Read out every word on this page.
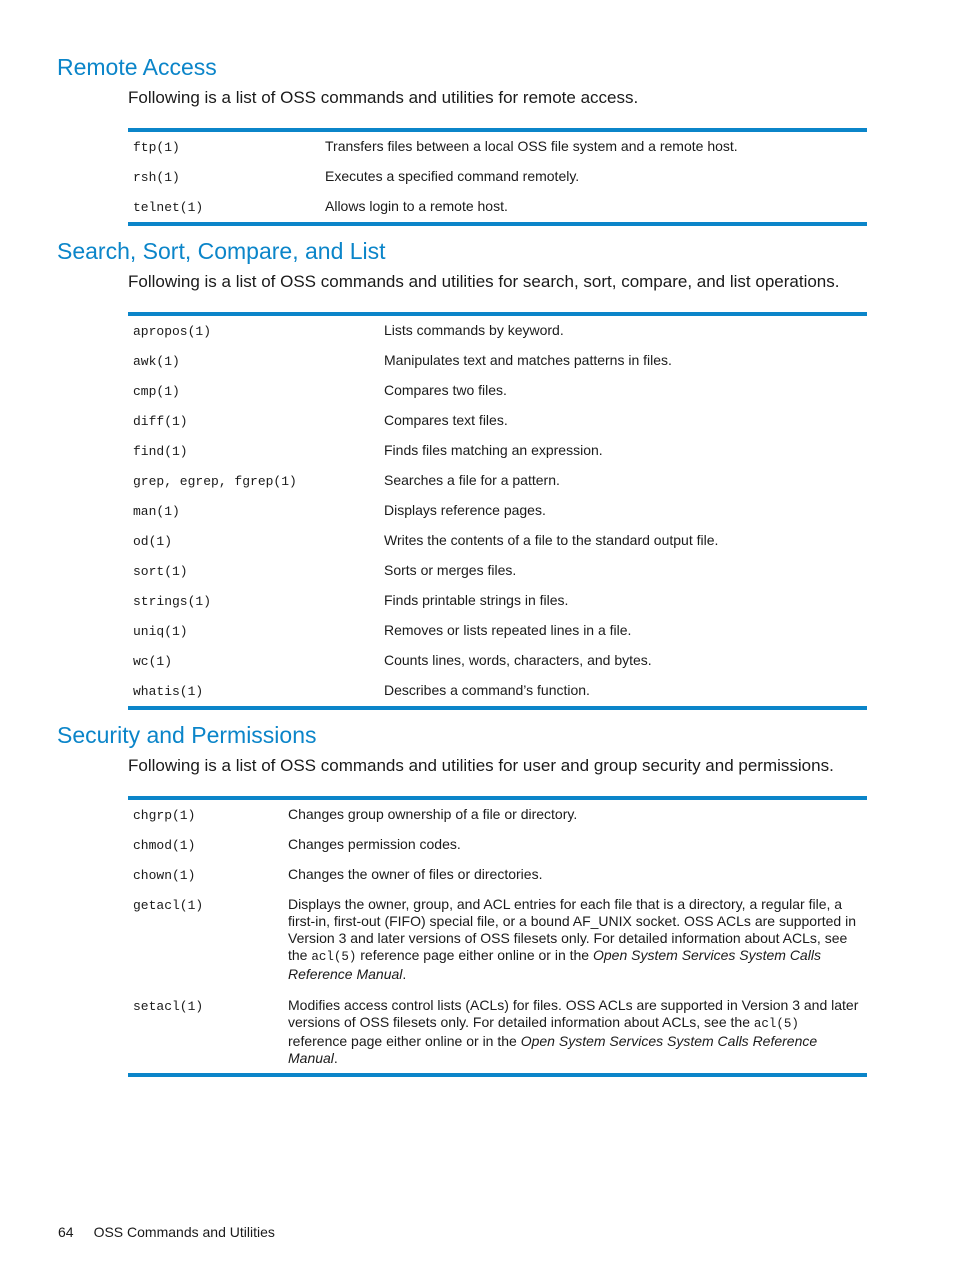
Remote Access

Following is a list of OSS commands and utilities for remote access.

ftp(1)	Transfers files between a local OSS file system and a remote host.
rsh(1)	Executes a specified command remotely.
telnet(1)	Allows login to a remote host.
Search, Sort, Compare, and List

Following is a list of OSS commands and utilities for search, sort, compare, and list operations.

apropos(1)	Lists commands by keyword.
awk(1)	Manipulates text and matches patterns in files.
cmp(1)	Compares two files.
diff(1)	Compares text files.
find(1)	Finds files matching an expression.
grep, egrep, fgrep(1)	Searches a file for a pattern.
man(1)	Displays reference pages.
od(1)	Writes the contents of a file to the standard output file.
sort(1)	Sorts or merges files.
strings(1)	Finds printable strings in files.
uniq(1)	Removes or lists repeated lines in a file.
wc(1)	Counts lines, words, characters, and bytes.
whatis(1)	Describes a command’s function.
Security and Permissions

Following is a list of OSS commands and utilities for user and group security and permissions.

chgrp(1)	Changes group ownership of a file or directory.
chmod(1)	Changes permission codes.
chown(1)	Changes the owner of files or directories.
getacl(1)	Displays the owner, group, and ACL entries for each file that is a directory, a regular file, a first-in, first-out (FIFO) special file, or a bound AF_UNIX socket. OSS ACLs are supported in Version 3 and later versions of OSS filesets only. For detailed information about ACLs, see the acl(5) reference page either online or in the Open System Services System Calls Reference Manual.
setacl(1)	Modifies access control lists (ACLs) for files. OSS ACLs are supported in Version 3 and later versions of OSS filesets only. For detailed information about ACLs, see the acl(5) reference page either online or in the Open System Services System Calls Reference Manual.
64 OSS Commands and Utilities
